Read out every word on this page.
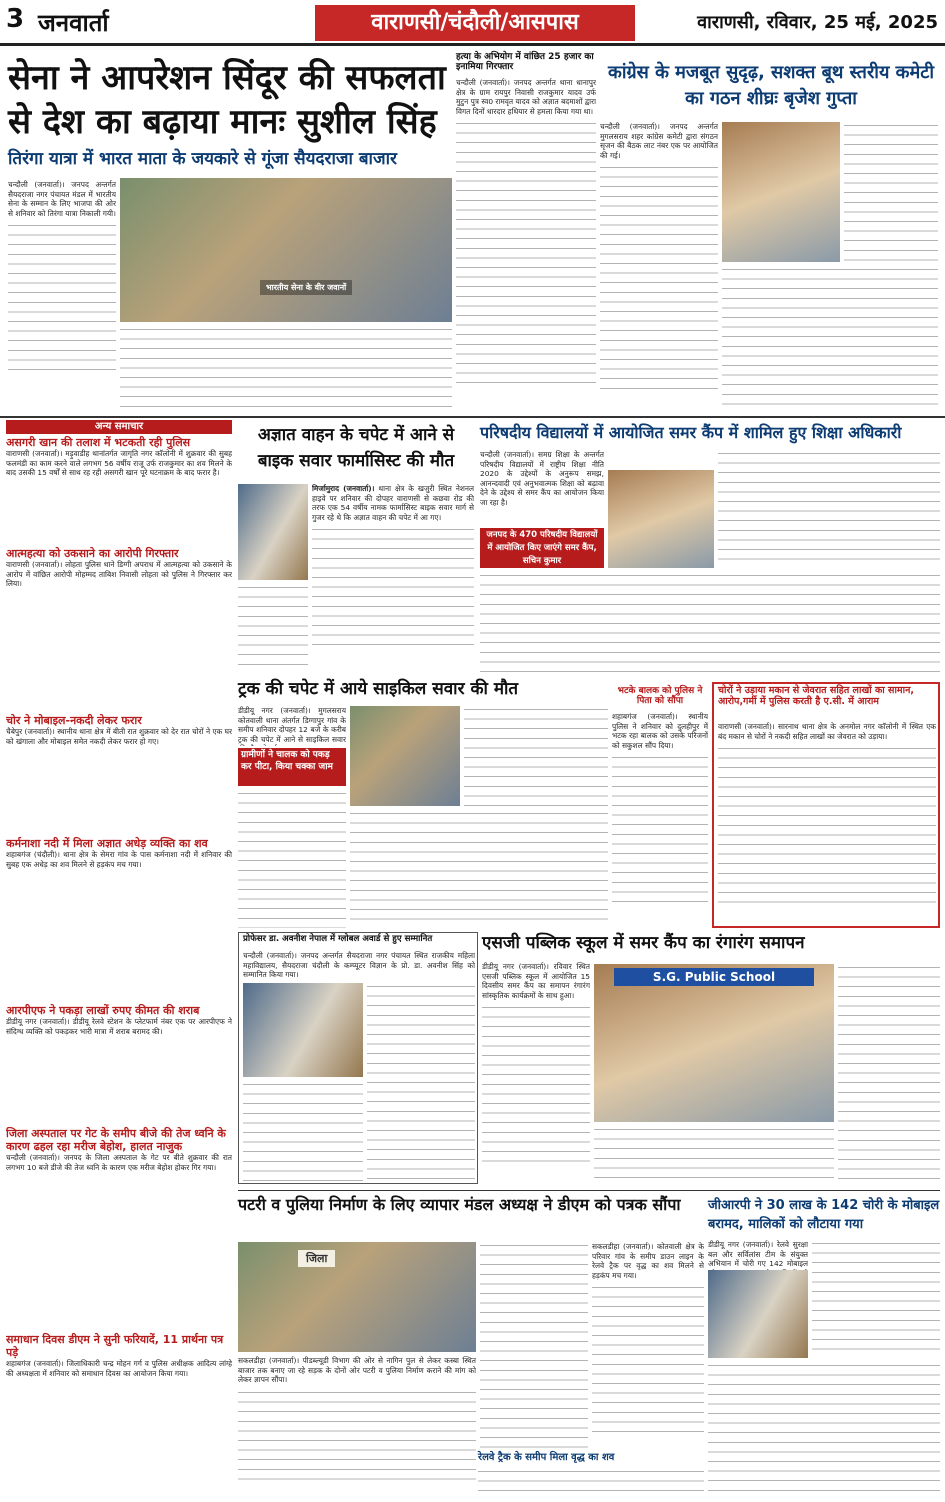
3 जनवार्ता	वाराणसी/चंदौली/आसपास	वाराणसी, रविवार, 25 मई, 2025
सेना ने आपरेशन सिंदूर की सफलता से देश का बढ़ाया मानः सुशील सिंह
तिरंगा यात्रा में भारत माता के जयकारे से गूंजा सैयदराजा बाजार
चन्दौली (जनवार्ता)। जनपद अन्तर्गत सैयदराजा नगर पंचायत मंडल में भारतीय सेना के सम्मान के लिए भाजपा की ओर से शनिवार को तिरंगा यात्रा निकाली गयी।
भारतीय सेना के वीर जवानों
हत्या के अभियोग में वांछित 25 हजार का इनामिया गिरफ्तार
चन्दौली (जनवार्ता)। जनपद अन्तर्गत थाना धानापुर क्षेत्र के ग्राम रायपुर निवासी राजकुमार यादव उर्फ मुटुन पुत्र स्व0 रामवृत यादव को अज्ञात बदमाशों द्वारा विगत दिनों धारदार हथियार से हमला किया गया था।
कांग्रेस के मजबूत सुदृढ़, सशक्त बूथ स्तरीय कमेटी का गठन शीघ्रः बृजेश गुप्ता
चन्दौली (जनवार्ता)। जनपद अन्तर्गत मुगलसराय शहर कांग्रेस कमेटी द्वारा संगठन सृजन की बैठक लाट नंबर एक पर आयोजित की गई।
अन्य समाचार
असगरी खान की तलाश में भटकती रही पुलिस
वाराणसी (जनवार्ता)। मड़ुवाडीह थानांतर्गत जागृति नगर कॉलोनी में शुक्रवार की सुबह फलमंडी का काम करने वाले लगभग 56 वर्षीय राजू उर्फ राजकुमार का शव मिलने के बाद उसकी 15 वर्षों से साथ रह रही असगरी खान पूरे घटनाक्रम के बाद फरार है।
आत्महत्या को उकसाने का आरोपी गिरफ्तार
वाराणसी (जनवार्ता)। लोहता पुलिस थाने डिग्गी अपराध में आत्महत्या को उकसाने के आरोप में वांछित आरोपी मोहम्मद ताबिश निवासी लोहता को पुलिस ने गिरफ्तार कर लिया।
चोर ने मोबाइल-नकदी लेकर फरार
चैबेपुर (जनवार्ता)। स्थानीय थाना क्षेत्र में बीती रात शुक्रवार को देर रात चोरों ने एक घर को खंगाला और मोबाइल समेत नकदी लेकर फरार हो गए।
कर्मनाशा नदी में मिला अज्ञात अधेड़ व्यक्ति का शव
शहाबगंज (चंदौली)। थाना क्षेत्र के सेमरा गांव के पास कर्मनाशा नदी में शनिवार की सुबह एक अधेड़ का शव मिलने से हड़कंप मच गया।
आरपीएफ ने पकड़ा लाखों रुपए कीमत की शराब
डीडीयू नगर (जनवार्ता)। डीडीयू रेलवे स्टेशन के प्लेटफार्म नंबर एक पर आरपीएफ ने संदिग्ध व्यक्ति को पकड़कर भारी मात्रा में शराब बरामद की।
जिला अस्पताल पर गेट के समीप बीजे की तेज ध्वनि के कारण ढहल रहा मरीज बेहोश, हालत नाजुक
चन्दौली (जनवार्ता)। जनपद के जिला अस्पताल के गेट पर बीते शुक्रवार की रात लगभग 10 बजे डीजे की तेज ध्वनि के कारण एक मरीज बेहोश होकर गिर गया।
समाधान दिवस डीएम ने सुनी फरियादें, 11 प्रार्थना पत्र पड़े
शहाबगंज (जनवार्ता)। जिलाधिकारी चन्द्र मोहन गर्ग व पुलिस अधीक्षक आदित्य लांग्हे की अध्यक्षता में शनिवार को समाधान दिवस का आयोजन किया गया।
अज्ञात वाहन के चपेट में आने से बाइक सवार फार्मासिस्ट की मौत
मिर्जामुराद (जनवार्ता)। थाना क्षेत्र के खजुरी स्थित नेशनल हाइवे पर शनिवार की दोपहर वाराणसी से कछवा रोड की तरफ एक 54 वर्षीय नामक फार्मासिस्ट बाइक सवार मार्ग से गुजर रहे थे कि अज्ञात वाहन की चपेट में आ गए।
परिषदीय विद्यालयों में आयोजित समर कैंप में शामिल हुए शिक्षा अधिकारी
चन्दौली (जनवार्ता)। समग्र शिक्षा के अन्तर्गत परिषदीय विद्यालयों में राष्ट्रीय शिक्षा नीति 2020 के उद्देश्यों के अनुरूप समझ, आनन्दवादी एवं अनुभवात्मक शिक्षा को बढ़ावा देने के उद्देश्य से समर कैंप का आयोजन किया जा रहा है।
जनपद के 470 परिषदीय विद्यालयों में आयोजित किए जाएंगे समर कैंप, सचिन कुमार
ट्रक की चपेट में आये साइकिल सवार की मौत
डीडीयू नगर (जनवार्ता)। मुगलसराय कोतवाली थाना अंतर्गत डिग्गापुर गांव के समीप शनिवार दोपहर 12 बजे के करीब ट्रक की चपेट में आने से साइकिल सवार
ग्रामीणों ने चालक को पकड़ कर पीटा, किया चक्का जाम
भटके बालक को पुलिस ने पिता को सौंपा
शहाबगंज (जनवार्ता)। स्थानीय पुलिस ने शनिवार को दुलहीपुर में भटक रहा बालक को उसके परिजनों को सकुशल सौंप दिया।
चोरों ने उड़ाया मकान से जेवरात सहित लाखों का सामान, आरोप,गर्मी में पुलिस करती है ए.सी. में आराम
वाराणसी (जनवार्ता)। सारनाथ थाना क्षेत्र के अनमोल नगर कॉलोनी में स्थित एक बंद मकान से चोरों ने नकदी सहित लाखों का जेवरात को उड़ाया।
प्रोफेसर डा. अवनीश नेपाल में ग्लोबल अवार्ड से हुए सम्मानित
चन्दौली (जनवार्ता)। जनपद अन्तर्गत सैयदराजा नगर पंचायत स्थित राजकीय महिला महाविद्यालय, सैयदराजा चंदौली के कम्प्यूटर विज्ञान के प्रो. डा. अवनीश सिंह को सम्मानित किया गया।
एसजी पब्लिक स्कूल में समर कैंप का रंगारंग समापन
डीडीयू नगर (जनवार्ता)। रविवार स्थित एसजी पब्लिक स्कूल में आयोजित 15 दिवसीय समर कैंप का समापन रंगारंग सांस्कृतिक कार्यक्रमों के साथ हुआ।
S.G. Public School
पटरी व पुलिया निर्माण के लिए व्यापार मंडल अध्यक्ष ने डीएम को पत्रक सौंपा
जिला
सकलडीहा (जनवार्ता)। पीडब्ल्यूडी विभाग की ओर से नागिन पुल से लेकर कस्बा स्थित बाजार तक बनाए जा रहे सड़क के दोनों ओर पटरी व पुलिया निर्माण कराने की मांग को लेकर ज्ञापन सौंपा।
रेलवे ट्रैक के समीप मिला वृद्ध का शव
सकलडीहा (जनवार्ता)। कोतवाली क्षेत्र के परिवार गांव के समीप डाउन लाइन के रेलवे ट्रैक पर वृद्ध का शव मिलने से हड़कंप मच गया।
जीआरपी ने 30 लाख के 142 चोरी के मोबाइल बरामद, मालिकों को लौटाया गया
डीडीयू नगर (जनवार्ता)। रेलवे सुरक्षा बल और सर्विलांस टीम के संयुक्त अभियान में चोरी गए 142 मोबाइल
